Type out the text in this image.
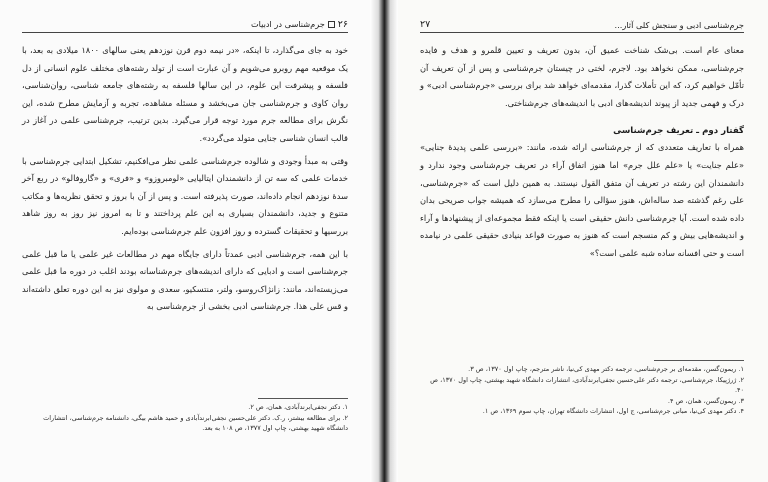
۲۶جرم‌شناسی در ادبیات

خود به جای می‌گذارد، تا اینکه، «در نیمه دوم قرن نوزدهم یعنی سالهای ۱۸۰۰ میلادی به بعد، با یک موقعیه مهم روبرو می‌شویم و آن عبارت است از تولد رشته‌های مختلف علوم انسانی از دل فلسفه و پیشرفت این علوم، در این سالها فلسفه به رشته‌های جامعه شناسی، روان‌شناسی، روان کاوی و جرم‌شناسی جان می‌بخشد و مسئله مشاهده، تجربه و آزمایش مطرح شده، این نگرش برای مطالعه جرم مورد توجه قرار می‌گیرد. بدین ترتیب، جرم‌شناسی علمی در آغاز در قالب انسان شناسی جنایی متولد می‌گردد».

وقتی به مبدأ وجودی و شالوده جرم‌شناسی علمی نظر می‌افکنیم، تشکیل ابتدایی جرم‌شناسی با خدمات علمی که سه تن از دانشمندان ایتالیایی «لومبروزو» و «فری» و «گاروفالو» در ربع آخر سدهٔ نوزدهم انجام داده‌اند، صورت پذیرفته است. و پس از آن با بروز و تحقق نظریه‌ها و مکاتب متنوع و جدید، دانشمندان بسیاری به این علم پرداختند و تا به امروز نیز روز به روز شاهد بررسیها و تحقیقات گسترده و روز افزون علم جرم‌شناسی بوده‌ایم.

با این همه، جرم‌شناسی ادبی عمدتاً دارای جایگاه مهم در مطالعات غیر علمی یا ما قبل علمی جرم‌شناسی است و ادبایی که دارای اندیشه‌های جرم‌شناسانه بودند اغلب در دوره ما قبل علمی می‌زیسته‌اند، مانند: زانژاک‌روسو، ولتر، منتسکیو، سعدی و مولوی نیز به این دوره تعلق داشته‌اند و قس علی هذا. جرم‌شناسی ادبی بخشی از جرم‌شناسی به

۱. دکتر نجفی‌ابرندآبادی، همان، ص ۲.

۲. برای مطالعه بیشتر، ر.ک. دکتر علی‌حسین نجفی‌ابرندآبادی و حمید هاشم بیگی، دانشنامه جرم‌شناسی، انتشارات دانشگاه شهید بهشتی، چاپ اول ۱۳۷۷، ص ۱۰۸ به بعد.

جرم‌شناسی ادبی و سنجش کلی آثار...
۲۷

معنای عام است. بی‌شک شناخت عمیق آن، بدون تعریف و تعیین قلمرو و هدف و فایده جرم‌شناسی، ممکن نخواهد بود. لاجرم، لختی در چیستان جرم‌شناسی و پس از آن تعریف آن تأمّل خواهیم کرد، که این تأملات گذرا، مقدمه‌ای خواهد شد برای بررسی «جرم‌شناسی ادبی» و درک و فهمی جدید از پیوند اندیشه‌های ادبی با اندیشه‌های جرم‌شناختی.

گفتار دوم ـ تعریف جرم‌شناسی

همراه با تعاریف متعددی که از جرم‌شناسی ارائه شده، مانند: «بررسی علمی پدیدهٔ جنایی» «علم جنایت» یا «علم علل جرم» اما هنوز اتفاق آراء در تعریف جرم‌شناسی وجود ندارد و دانشمندان این رشته در تعریف آن متفق القول نیستند. به همین دلیل است که «جرم‌شناسی، علی رغم گذشته صد ساله‌اش، هنوز سؤالی را مطرح می‌سازد که همیشه جواب صریحی بدان داده شده است. آیا جرم‌شناسی دانش حقیقی است یا اینکه فقط مجموعه‌ای از پیشنهادها و آراء و اندیشه‌هایی بیش و کم منسجم است که هنوز به صورت قواعد بنیادی حقیقی علمی در نیامده است و حتی افسانه ساده شبه علمی است؟»

۱. ریمون‌گسن، مقدمه‌ای بر جرم‌شناسی، ترجمه دکتر مهدی کی‌نیا، ناشر مترجم، چاپ اول ۱۳۷۰، ص ۳.

۲. ژرژپیکا، جرم‌شناسی، ترجمه دکتر علی‌حسین نجفی‌ابرندآبادی، انتشارات دانشگاه شهید بهشتی، چاپ اول ۱۳۷۰، ص ۴۰.

۳. ریمون‌گسن، همان، ص ۴.

۴. دکتر مهدی کی‌نیا، مبانی جرم‌شناسی، ج اول، انتشارات دانشگاه تهران، چاپ سوم ۱۳۶۹، ص ۱.
